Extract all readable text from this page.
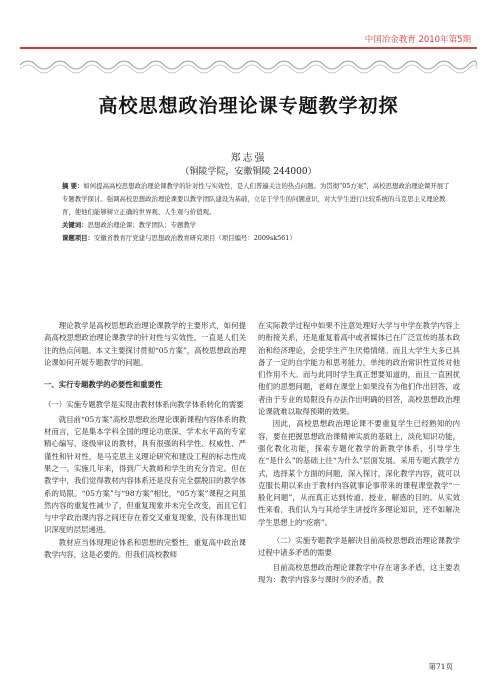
中国冶金教育 2010年第5期
高校思想政治理论课专题教学初探
郑志强
（铜陵学院，安徽铜陵 244000）
摘 要：如何提高高校思想政治理论课教学的针对性与实效性，是人们普遍关注的热点问题。为贯彻“05方案”，高校思想政治理论课开展了专题教学探讨。强调高校思想政治理论课要以教学团队建设为基础，立足于学生的问题意识，对大学生进行比较系统的马克思主义理论教育，使他们能够树立正确的世界观、人生观与价值观。
关键词：思想政治理论课；教学团队；专题教学
课题项目：安徽省教育厅党建与思想政治教育研究项目（项目编号：2009sk561）

理论教学是高校思想政治理论课教学的主要形式，如何提高高校思想政治理论课教学的针对性与实效性，一直是人们关注的热点问题。本文主要探讨贯彻“05方案”，高校思想政治理论课如何开展专题教学的问题。

一、实行专题教学的必要性和重要性

（一）实施专题教学是实现由教材体系向教学体系转化的需要

就目前“05方案”高校思想政治理论课新课程内容体系的教材而言，它是集本学科全国的理论功底深、学术水平高的专家精心编写、逐级审议的教材，具有很强的科学性、权威性、严谨性和针对性，是马克思主义理论研究和建设工程的标志性成果之一。实施几年来，得到广大教师和学生的充分肯定。但在教学中，我们觉得教材内容体系还是没有完全摆脱旧的教学体系的局限。“05方案”与“98方案”相比，“05方案”课程之间虽然内容的重复性减少了，但重复现象并未完全改变，而且它们与中学政治课内容之间还存在着交叉重复现象，没有体现出知识深度的层层递进。

教材应当体现理论体系和思想的完整性、重复高中政治课教学内容，这是必要的。但我们高校教师

在实际教学过程中如果不注意处理好大学与中学在教学内容上的衔接关系，还是重复着高中或者媒体已在广泛宣传的基本政治和经济理论，会使学生产生厌倦情绪。而且大学生大多已具备了一定的自学能力和思考能力，单纯的政治常识性宣传对他们作用不大。而与此同时学生真正想要知道的，而且一直困扰他们的思想问题，老师在课堂上如果没有为他们作出回答，或者由于专业的局限没有办法作出明确的回答，高校思想政治理论课就难以取得预期的效果。

因此，高校思想政治理论课不要重复学生已经熟知的内容，要在把握思想政治课精神实质的基础上，淡化知识功能，强化教化功能，探索专题化教学的新教学体系，引导学生在“是什么”的基础上往“为什么”层面发展。采用专题式教学方式，选择某个方面的问题，深入探讨，深化教学内容，就可以克服长期以来由于教材内容就事论事带来的课程课堂教学“一般化问题”，从而真正达到传道、授业、解惑的目的。从实效性来看，我们认为与其给学生讲授许多理论知识，还不如解决学生思想上的“疙瘩”。

（二）实施专题教学是解决目前高校思想政治理论课教学过程中诸多矛盾的需要

目前高校思想政治理论课教学中存在诸多矛盾，这主要表现为：教学内容多与课时少的矛盾，教

第71页
